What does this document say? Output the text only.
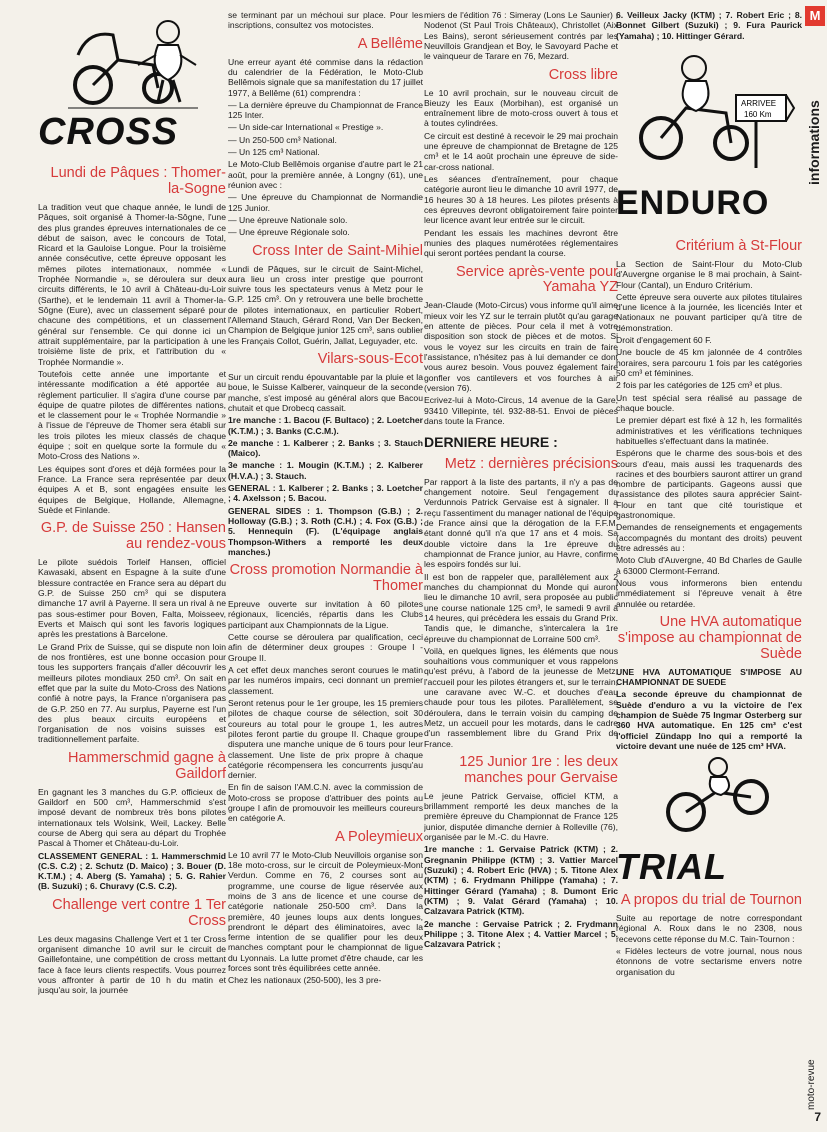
CROSS
Lundi de Pâques : Thomer-la-Sogne

La tradition veut que chaque année, le lundi de Pâques, soit organisé à Thomer-la-Sôgne, l'une des plus grandes épreuves internationales de ce début de saison, avec le concours de Total, Ricard et la Gauloise Longue. Pour la troisième année consécutive, cette épreuve opposant les mêmes pilotes internationaux, nommée « Trophée Normandie », se déroulera sur deux circuits différents, le 10 avril à Château-du-Loir (Sarthe), et le lendemain 11 avril à Thomer-la-Sôgne (Eure), avec un classement séparé pour chacune des compétitions, et un classement général sur l'ensemble. Ce qui donne ici un attrait supplémentaire, par la participation à une troisième liste de prix, et l'attribution du « Trophée Normandie ».

Toutefois cette année une importante et intéressante modification a été apportée au règlement particulier. Il s'agira d'une course par équipe de quatre pilotes de différentes nations, et le classement pour le « Trophée Normandie » à l'issue de l'épreuve de Thomer sera établi sur les trois pilotes les mieux classés de chaque équipe ; soit en quelque sorte la formule du « Moto-Cross des Nations ».

Les équipes sont d'ores et déjà formées pour la France. La France sera représentée par deux équipes A et B, sont engagées ensuite les équipes de Belgique, Hollande, Allemagne, Suède et Finlande.

G.P. de Suisse 250 : Hansen au rendez-vous

Le pilote suédois Torleif Hansen, officiel Kawasaki, absent en Espagne à la suite d'une blessure contractée en France sera au départ du G.P. de Suisse 250 cm³ qui se disputera dimanche 17 avril à Payerne. Il sera un rival à ne pas sous-estimer pour Boven, Falta, Moisseev, Everts et Maisch qui sont les favoris logiques après les prestations à Barcelone.

Le Grand Prix de Suisse, qui se dispute non loin de nos frontières, est une bonne occasion pour tous les supporters français d'aller découvrir les meilleurs pilotes mondiaux 250 cm³. On sait en effet que par la suite du Moto-Cross des Nations confié à notre pays, la France n'organisera pas de G.P. 250 en 77. Au surplus, Payerne est l'un des plus beaux circuits européens et l'organisation de nos voisins suisses est traditionnellement parfaite.

Hammerschmid gagne à Gaildorf

En gagnant les 3 manches du G.P. officieux de Gaildorf en 500 cm³, Hammerschmid s'est imposé devant de nombreux très bons pilotes internationaux tels Wolsink, Weil, Lackey. Belle course de Aberg qui sera au départ du Trophée Pascal à Thomer et Château-du-Loir.

CLASSEMENT GENERAL : 1. Hammerschmid (C.S. C.2) ; 2. Schutz (D. Maico) ; 3. Bouer (D. K.T.M.) ; 4. Aberg (S. Yamaha) ; 5. G. Rahier (B. Suzuki) ; 6. Churavy (C.S. C.2).

Challenge vert contre 1 Ter Cross

Les deux magasins Challenge Vert et 1 ter Cross organisent dimanche 10 avril sur le circuit de Gaillefontaine, une compétition de cross mettant face à face leurs clients respectifs. Vous pourrez vous affronter à partir de 10 h du matin et jusqu'au soir, la journée

se terminant par un méchoui sur place. Pour les inscriptions, consultez vos motocistes.

A Bellême

Une erreur ayant été commise dans la rédaction du calendrier de la Fédération, le Moto-Club Bellêmois signale que sa manifestation du 17 juillet 1977, à Bellême (61) comprendra :

— La dernière épreuve du Championnat de France 125 Inter.

— Un side-car International « Prestige ».

— Un 250-500 cm³ National.

— Un 125 cm³ National.

Le Moto-Club Bellêmois organise d'autre part le 21 août, pour la première année, à Longny (61), une réunion avec :

— Une épreuve du Championnat de Normandie 125 Junior.

— Une épreuve Nationale solo.

— Une épreuve Régionale solo.

Cross Inter de Saint-Mihiel

Lundi de Pâques, sur le circuit de Saint-Michel, aura lieu un cross inter prestige que pourront suivre tous les spectateurs venus à Metz pour le G.P. 125 cm³. On y retrouvera une belle brochette de pilotes internationaux, en particulier Robert, l'Allemand Stauch, Gérard Rond, Van Der Becken, Champion de Belgique junior 125 cm³, sans oublier les Français Collot, Guérin, Jallat, Leguyader, etc.

Vilars-sous-Ecot

Sur un circuit rendu épouvantable par la pluie et la boue, le Suisse Kalberer, vainqueur de la seconde manche, s'est imposé au général alors que Bacou chutait et que Drobecq cassait.

1re manche : 1. Bacou (F. Bultaco) ; 2. Loetcher (K.T.M.) ; 3. Banks (C.C.M.).

2e manche : 1. Kalberer ; 2. Banks ; 3. Stauch (Maico).

3e manche : 1. Mougin (K.T.M.) ; 2. Kalberer (H.V.A.) ; 3. Stauch.

GENERAL : 1. Kalberer ; 2. Banks ; 3. Loetcher ; 4. Axelsson ; 5. Bacou.

GENERAL SIDES : 1. Thompson (G.B.) ; 2. Holloway (G.B.) ; 3. Roth (C.H.) ; 4. Fox (G.B.) ; 5. Hennequin (F). (L'équipage anglais Thompson-Withers a remporté les deux manches.)

Cross promotion Normandie à Thomer

Epreuve ouverte sur invitation à 60 pilotes régionaux, licenciés, répartis dans les Clubs participant aux Championnats de la Ligue.

Cette course se déroulera par qualification, ceci afin de déterminer deux groupes : Groupe I - Groupe II.

A cet effet deux manches seront courues le matin par les numéros impairs, ceci donnant un premier classement.

Seront retenus pour le 1er groupe, les 15 premiers pilotes de chaque course de sélection, soit 30 coureurs au total pour le groupe 1, les autres pilotes feront partie du groupe II. Chaque groupe disputera une manche unique de 6 tours pour leur classement. Une liste de prix propre à chaque catégorie récompensera les concurrents jusqu'au dernier.

En fin de saison l'AM.C.N. avec la commission de Moto-cross se propose d'attribuer des points au groupe I afin de promouvoir les meilleurs coureurs en catégorie A.

A Poleymieux

Le 10 avril 77 le Moto-Club Neuvillois organise son 18e moto-cross, sur le circuit de Poleymieux-Mont Verdun. Comme en 76, 2 courses sont au programme, une course de ligue réservée aux moins de 3 ans de licence et une course de catégorie nationale 250-500 cm³. Dans la première, 40 jeunes loups aux dents longues, prendront le départ des éliminatoires, avec la ferme intention de se qualifier pour les deux manches comptant pour le championnat de ligue du Lyonnais. La lutte promet d'être chaude, car les forces sont très équilibrées cette année.

Chez les nationaux (250-500), les 3 pre-

miers de l'édition 76 : Simeray (Lons Le Saunier) ; Nodenot (St Paul Trois Châteaux), Christollet (Aix Les Bains), seront sérieusement contrés par les Neuvillois Grandjean et Boy, le Savoyard Pache et le vainqueur de Tarare en 76, Mezard.

Cross libre

Le 10 avril prochain, sur le nouveau circuit de Bieuzy les Eaux (Morbihan), est organisé un entraînement libre de moto-cross ouvert à tous et à toutes cylindrées.

Ce circuit est destiné à recevoir le 29 mai prochain une épreuve de championnat de Bretagne de 125 cm³ et le 14 août prochain une épreuve de side-car-cross national.

Les séances d'entraînement, pour chaque catégorie auront lieu le dimanche 10 avril 1977, de 16 heures 30 à 18 heures. Les pilotes présents à ces épreuves devront obligatoirement faire pointer leur licence avant leur entrée sur le circuit.

Pendant les essais les machines devront être munies des plaques numérotées réglementaires qui seront portées pendant la course.

Service après-vente pour Yamaha YZ

Jean-Claude (Moto-Circus) vous informe qu'il aime mieux voir les YZ sur le terrain plutôt qu'au garage en attente de pièces. Pour cela il met à votre disposition son stock de pièces et de motos. Si vous le voyez sur les circuits en train de faire l'assistance, n'hésitez pas à lui demander ce dont vous aurez besoin. Vous pouvez également faire gonfler vos cantilevers et vos fourches à air (version 76).

Ecrivez-lui à Moto-Circus, 14 avenue de la Gare, 93410 Villepinte, tél. 932-88-51. Envoi de pièces dans toute la France.

DERNIERE HEURE :
Metz : dernières précisions

Par rapport à la liste des partants, il n'y a pas de changement notoire. Seul l'engagement du Verdunnois Patrick Gervaise est à signaler. Il a reçu l'assentiment du manager national de l'équipe de France ainsi que la dérogation de la F.F.M. étant donné qu'il n'a que 17 ans et 4 mois. Sa double victoire dans la 1re épreuve du championnat de France junior, au Havre, confirme les espoirs fondés sur lui.

Il est bon de rappeler que, parallèlement aux 2 manches du championnat du Monde qui auront lieu le dimanche 10 avril, sera proposée au public une course nationale 125 cm³, le samedi 9 avril à 14 heures, qui précèdera les essais du Grand Prix. Tandis que, le dimanche, s'intercalera la 1re épreuve du championnat de Lorraine 500 cm³.

Voilà, en quelques lignes, les éléments que nous souhaitions vous communiquer et vous rappelons qu'est prévu, à l'abord de la jeunesse de Metz, l'accueil pour les pilotes étrangers et, sur le terrain, une caravane avec W.-C. et douches d'eau chaude pour tous les pilotes. Parallèlement, se déroulera, dans le terrain voisin du camping de Metz, un accueil pour les motards, dans le cadre d'un rassemblement libre du Grand Prix de France.

125 Junior 1re : les deux manches pour Gervaise

Le jeune Patrick Gervaise, officiel KTM, a brillamment remporté les deux manches de la première épreuve du Championnat de France 125 junior, disputée dimanche dernier à Rolleville (76), organisée par le M.-C. du Havre.

1re manche : 1. Gervaise Patrick (KTM) ; 2. Gregnanin Philippe (KTM) ; 3. Vattier Marcel (Suzuki) ; 4. Robert Eric (HVA) ; 5. Titone Alex (KTM) ; 6. Frydmann Philippe (Yamaha) ; 7. Hittinger Gérard (Yamaha) ; 8. Dumont Eric (KTM) ; 9. Valat Gérard (Yamaha) ; 10. Calzavara Patrick (KTM).

2e manche : Gervaise Patrick ; 2. Frydmann Philippe ; 3. Titone Alex ; 4. Vattier Marcel ; 5. Calzavara Patrick ;

6. Veilleux Jacky (KTM) ; 7. Robert Eric ; 8. Bonnet Gilbert (Suzuki) ; 9. Fura Paurick (Yamaha) ; 10. Hittinger Gérard.

ARRIVEE
160 Km
ENDURO
Critérium à St-Flour

La Section de Saint-Flour du Moto-Club d'Auvergne organise le 8 mai prochain, à Saint-Flour (Cantal), un Enduro Critérium.

Cette épreuve sera ouverte aux pilotes titulaires d'une licence à la journée, les licenciés Inter et Nationaux ne pouvant participer qu'à titre de démonstration.

Droit d'engagement 60 F.

Une boucle de 45 km jalonnée de 4 contrôles horaires, sera parcouru 1 fois par les catégories 50 cm³ et féminines.

2 fois par les catégories de 125 cm³ et plus.

Un test spécial sera réalisé au passage de chaque boucle.

Le premier départ est fixé à 12 h, les formalités administratives et les vérifications techniques habituelles s'effectuant dans la matinée.

Espérons que le charme des sous-bois et des cours d'eau, mais aussi les traquenards des racines et des bourbiers sauront attirer un grand nombre de participants. Gageons aussi que l'assistance des pilotes saura apprécier Saint-Flour en tant que cité touristique et gastronomique.

Demandes de renseignements et engagements (accompagnés du montant des droits) peuvent être adressés au :

Moto Club d'Auvergne, 40 Bd Charles de Gaulle à 63000 Clermont-Ferrand.

Nous vous informerons bien entendu immédiatement si l'épreuve venait à être annulée ou retardée.

Une HVA automatique s'impose au championnat de Suède

UNE HVA AUTOMATIQUE S'IMPOSE AU CHAMPIONNAT DE SUEDE

La seconde épreuve du championnat de Suède d'enduro a vu la victoire de l'ex champion de Suède 75 Ingmar Osterberg sur 360 HVA automatique. En 125 cm³ c'est l'officiel Zündapp Ino qui a remporté la victoire devant une nuée de 125 cm³ HVA.

TRIAL
A propos du trial de Tournon

Suite au reportage de notre correspondant régional A. Roux dans le no 2308, nous recevons cette réponse du M.C. Tain-Tournon :

« Fidèles lecteurs de votre journal, nous nous étonnons de votre sectarisme envers notre organisation du

M
informations
moto-revue
7
